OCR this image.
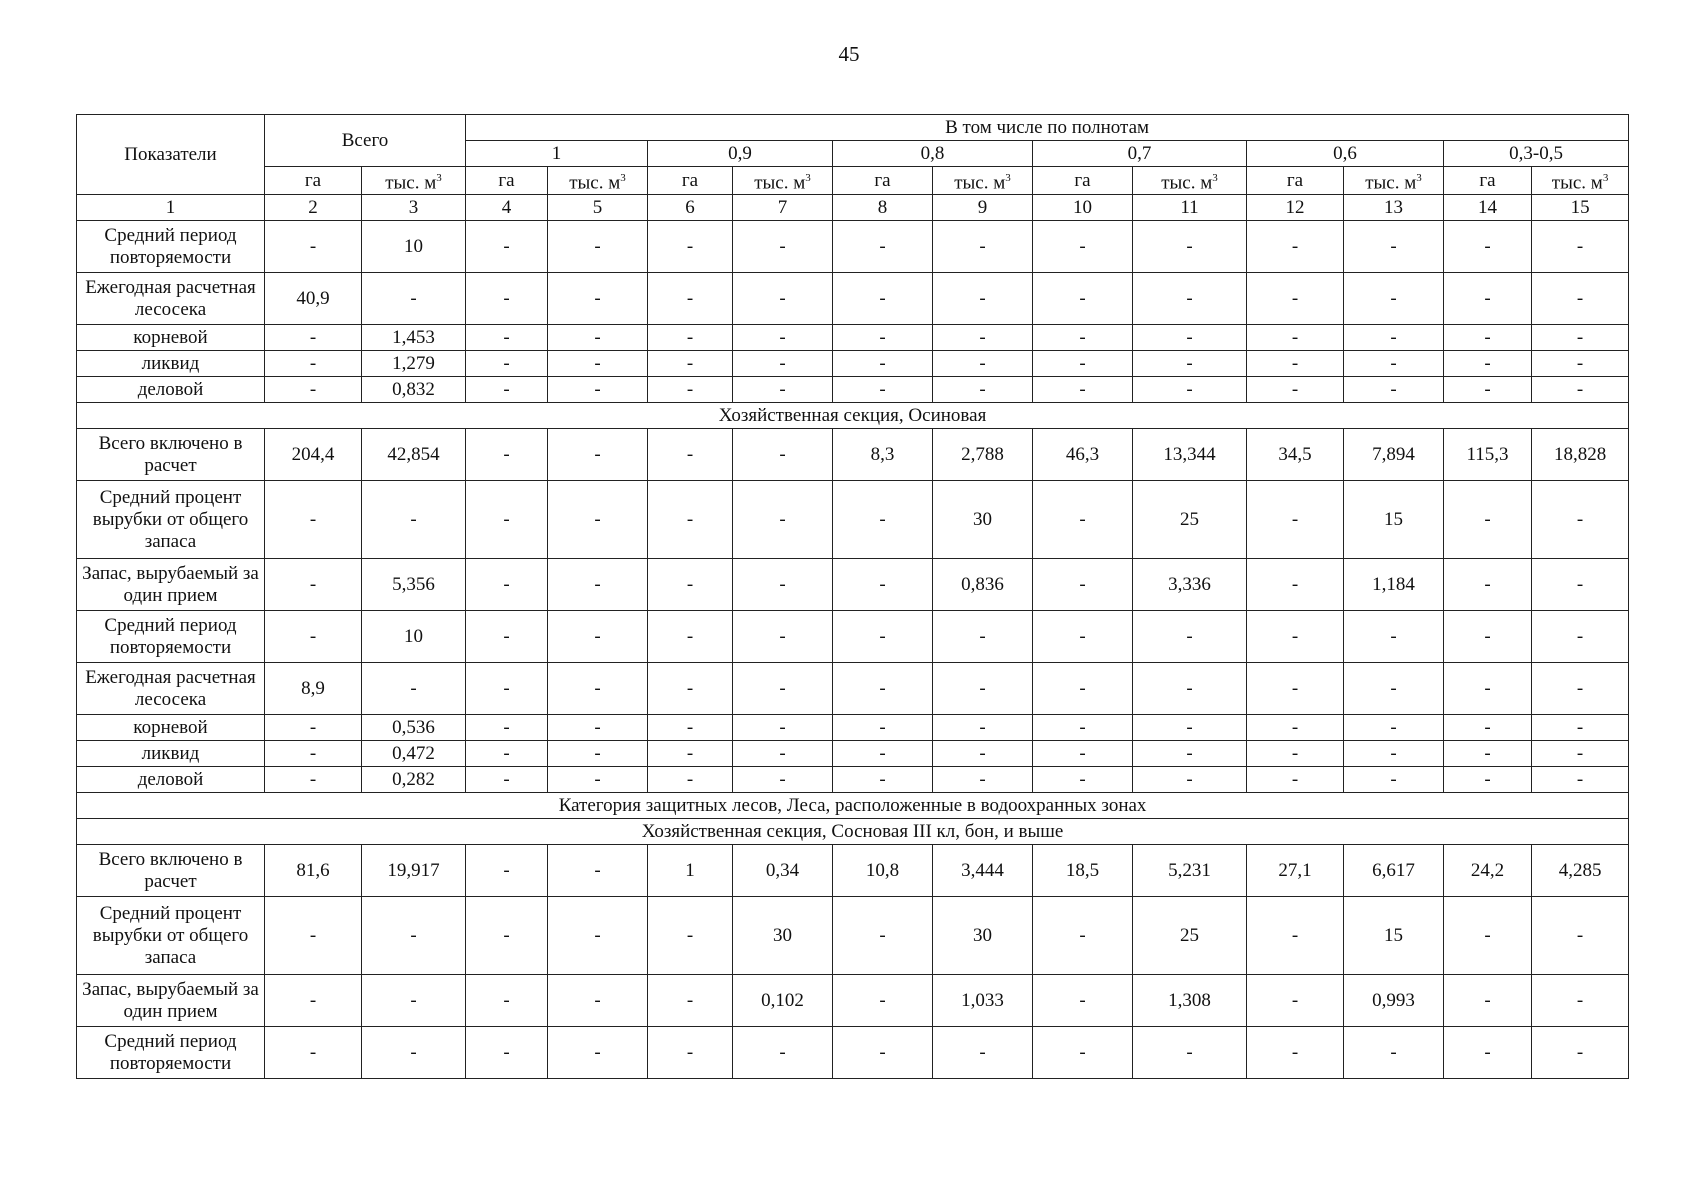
45
Показатели	Всего		В том числе по полнотам											
			1		0,9		0,8		0,7		0,6		0,3-0,5	
	га	тыс. $м^3$	га	тыс. $м^3$	га	тыс. $м^3$	га	тыс. $м^3$	га	тыс. $м^3$	га	тыс. $м^3$	га	тыс. $м^3$
1	2	3	4	5	6	7	8	9	10	11	12	13	14	15
Средний период повторяемости	-	10	-	-	-	-	-	-	-	-	-	-	-	-
Ежегодная расчетная лесосека	40,9	-	-	-	-	-	-	-	-	-	-	-	-	-
корневой	-	1,453	-	-	-	-	-	-	-	-	-	-	-	-
ликвид	-	1,279	-	-	-	-	-	-	-	-	-	-	-	-
деловой	-	0,832	-	-	-	-	-	-	-	-	-	-	-	-
Хозяйственная секция, Осиновая														
Всего включено в расчет	204,4	42,854	-	-	-	-	8,3	2,788	46,3	13,344	34,5	7,894	115,3	18,828
Средний процент вырубки от общего запаса	-	-	-	-	-	-	-	30	-	25	-	15	-	-
Запас, вырубаемый за один прием	-	5,356	-	-	-	-	-	0,836	-	3,336	-	1,184	-	-
Средний период повторяемости	-	10	-	-	-	-	-	-	-	-	-	-	-	-
Ежегодная расчетная лесосека	8,9	-	-	-	-	-	-	-	-	-	-	-	-	-
корневой	-	0,536	-	-	-	-	-	-	-	-	-	-	-	-
ликвид	-	0,472	-	-	-	-	-	-	-	-	-	-	-	-
деловой	-	0,282	-	-	-	-	-	-	-	-	-	-	-	-
Категория защитных лесов, Леса, расположенные в водоохранных зонах														
Хозяйственная секция, Сосновая III кл, бон, и выше														
Всего включено в расчет	81,6	19,917	-	-	1	0,34	10,8	3,444	18,5	5,231	27,1	6,617	24,2	4,285
Средний процент вырубки от общего запаса	-	-	-	-	-	30	-	30	-	25	-	15	-	-
Запас, вырубаемый за один прием	-	-	-	-	-	0,102	-	1,033	-	1,308	-	0,993	-	-
Средний период повторяемости	-	-	-	-	-	-	-	-	-	-	-	-	-	-
